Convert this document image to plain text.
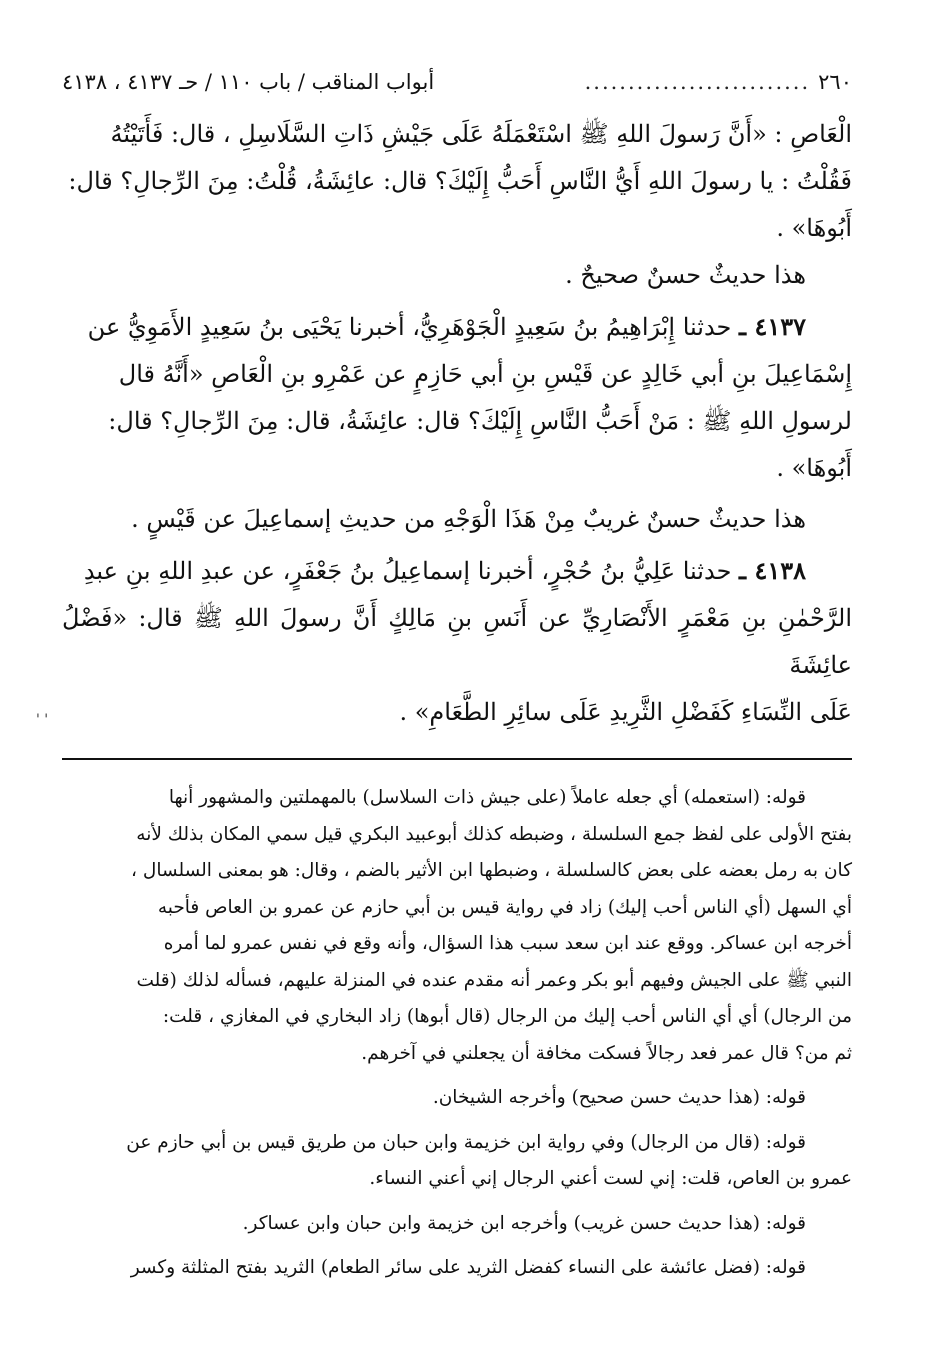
٢٦٠
..........................
أبواب المناقب / باب ١١٠ / حـ ٤١٣٧ ، ٤١٣٨

الْعَاصِ : «أَنَّ رَسولَ اللهِ ﷺ اسْتَعْمَلَهُ عَلَى جَيْشِ ذَاتِ السَّلَاسِلِ ، قال: فَأَتَيْتُهُ

فَقُلْتُ : يا رسولَ اللهِ أَيُّ النَّاسِ أَحَبُّ إِلَيْكَ؟ قال: عائِشَةُ، قُلْتُ: مِنَ الرِّجالِ؟ قال:

أَبُوهَا» .

هذا حديثٌ حسنٌ صحيحٌ .

٤١٣٧ ـ حدثنا إِبْرَاهِيمُ بنُ سَعِيدٍ الْجَوْهَرِيُّ، أخبرنا يَحْيَى بنُ سَعِيدٍ الأَمَوِيُّ عن

إِسْمَاعِيلَ بنِ أبي خَالِدٍ عن قَيْسِ بنِ أبي حَازِمٍ عن عَمْرِو بنِ الْعَاصِ «أَنَّهُ قال

لرسولِ اللهِ ﷺ : مَنْ أَحَبُّ النَّاسِ إِلَيْكَ؟ قال: عائِشَةُ، قال: مِنَ الرِّجالِ؟ قال:

أَبُوهَا» .

هذا حديثٌ حسنٌ غريبٌ مِنْ هَذَا الْوَجْهِ من حديثِ إسماعِيلَ عن قَيْسٍ .

٤١٣٨ ـ حدثنا عَلِيُّ بنُ حُجْرٍ، أخبرنا إسماعِيلُ بنُ جَعْفَرٍ، عن عبدِ اللهِ بنِ عبدِ

الرَّحْمٰنِ بنِ مَعْمَرٍ الأَنْصَارِيِّ عن أَنَسِ بنِ مَالِكٍ أَنَّ رسولَ اللهِ ﷺ قال: «فَضْلُ عائِشَةَ

عَلَى النِّسَاءِ كَفَضْلِ الثَّرِيدِ عَلَى سائِرِ الطَّعَامِ» .

قوله: (استعمله) أي جعله عاملاً (على جيش ذات السلاسل) بالمهملتين والمشهور أنها

بفتح الأولى على لفظ جمع السلسلة ، وضبطه كذلك أبوعبيد البكري قيل سمي المكان بذلك لأنه

كان به رمل بعضه على بعض كالسلسلة ، وضبطها ابن الأثير بالضم ، وقال: هو بمعنى السلسال ،

أي السهل (أي الناس أحب إليك) زاد في رواية قيس بن أبي حازم عن عمرو بن العاص فأحبه

أخرجه ابن عساكر. ووقع عند ابن سعد سبب هذا السؤال، وأنه وقع في نفس عمرو لما أمره

النبي ﷺ على الجيش وفيهم أبو بكر وعمر أنه مقدم عنده في المنزلة عليهم، فسأله لذلك (قلت

من الرجال) أي أي الناس أحب إليك من الرجال (قال أبوها) زاد البخاري في المغازي ، قلت:

ثم من؟ قال عمر فعد رجالاً فسكت مخافة أن يجعلني في آخرهم.

قوله: (هذا حديث حسن صحيح) وأخرجه الشيخان.

قوله: (قال من الرجال) وفي رواية ابن خزيمة وابن حبان من طريق قيس بن أبي حازم عن

عمرو بن العاص، قلت: إني لست أعني الرجال إني أعني النساء.

قوله: (هذا حديث حسن غريب) وأخرجه ابن خزيمة وابن حبان وابن عساكر.

قوله: (فضل عائشة على النساء كفضل الثريد على سائر الطعام) الثريد بفتح المثلثة وكسر

' '
